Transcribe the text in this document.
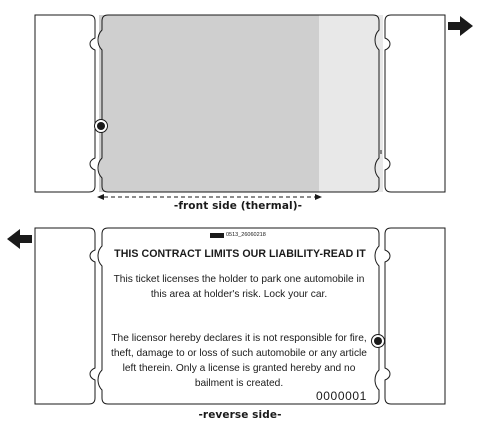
-front side (thermal)-
0513_26060218
THIS CONTRACT LIMITS OUR LIABILITY-READ IT
This ticket licenses the holder to park one automobile in this area at holder's risk. Lock your car.
The licensor hereby declares it is not responsible for fire, theft, damage to or loss of such automobile or any article left therein. Only a license is granted hereby and no bailment is created.
0000001
-reverse side-
